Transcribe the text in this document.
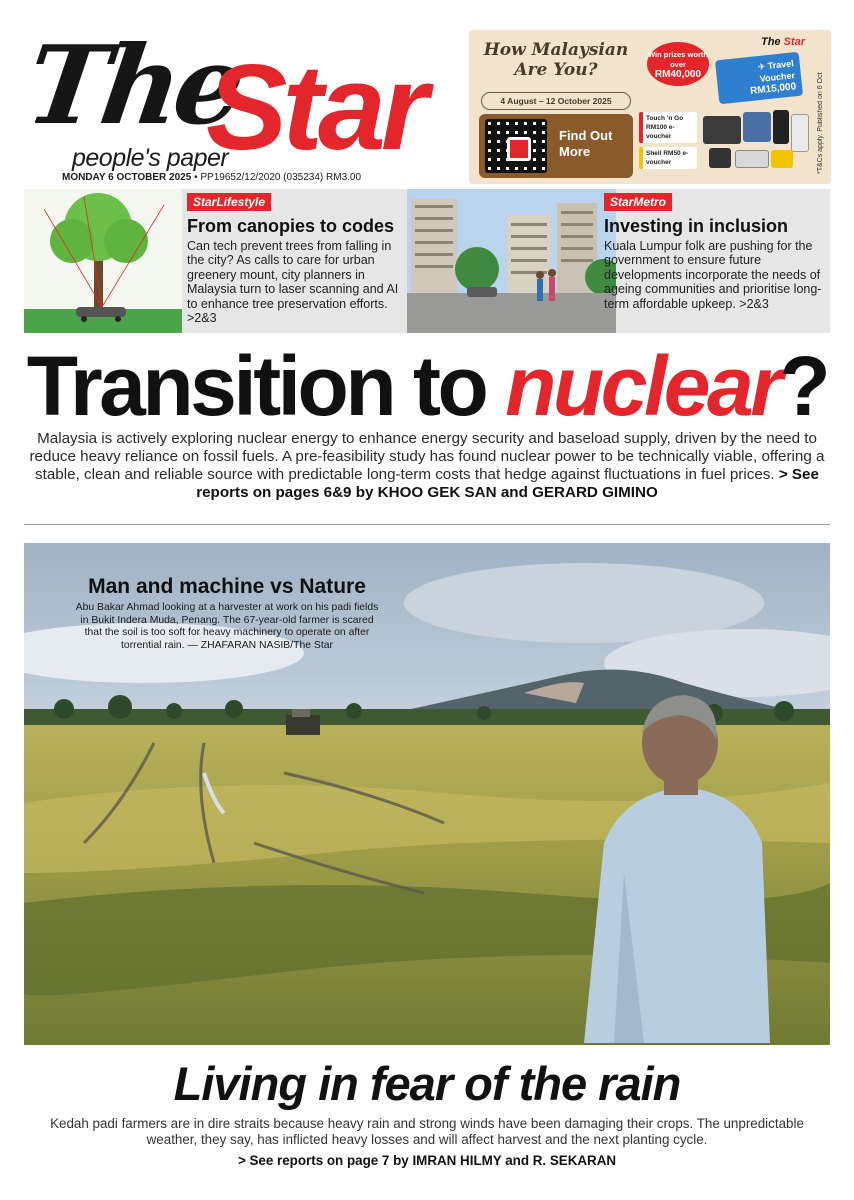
The
Star
people's paper
MONDAY 6 OCTOBER 2025 • PP19652/12/2020 (035234) RM3.00
How Malaysian Are You?
4 August – 12 October 2025
Find Out More
Win prizes worth over
RM40,000
The Star
✈ Travel Voucher
RM15,000
Touch 'n Go RM100 e-voucher
Shell RM50 e-voucher	*T&Cs apply. Published on 6 Oct
StarLifestyle
From canopies to codes
Can tech prevent trees from falling in the city? As calls to care for urban greenery mount, city planners in Malaysia turn to laser scanning and AI to enhance tree preservation efforts. >2&3
StarMetro
Investing in inclusion
Kuala Lumpur folk are pushing for the government to ensure future developments incorporate the needs of ageing communities and prioritise long-term affordable upkeep. >2&3
Transition to nuclear?

Malaysia is actively exploring nuclear energy to enhance energy security and baseload supply, driven by the need to reduce heavy reliance on fossil fuels. A pre-feasibility study has found nuclear power to be technically viable, offering a stable, clean and reliable source with predictable long-term costs that hedge against fluctuations in fuel prices. > See reports on pages 6&9 by KHOO GEK SAN and GERARD GIMINO

Man and machine vs Nature
Abu Bakar Ahmad looking at a harvester at work on his padi fields in Bukit Indera Muda, Penang. The 67-year-old farmer is scared that the soil is too soft for heavy machinery to operate on after torrential rain. — ZHAFARAN NASIB/The Star
Living in fear of the rain

Kedah padi farmers are in dire straits because heavy rain and strong winds have been damaging their crops. The unpredictable weather, they say, has inflicted heavy losses and will affect harvest and the next planting cycle.

> See reports on page 7 by IMRAN HILMY and R. SEKARAN
